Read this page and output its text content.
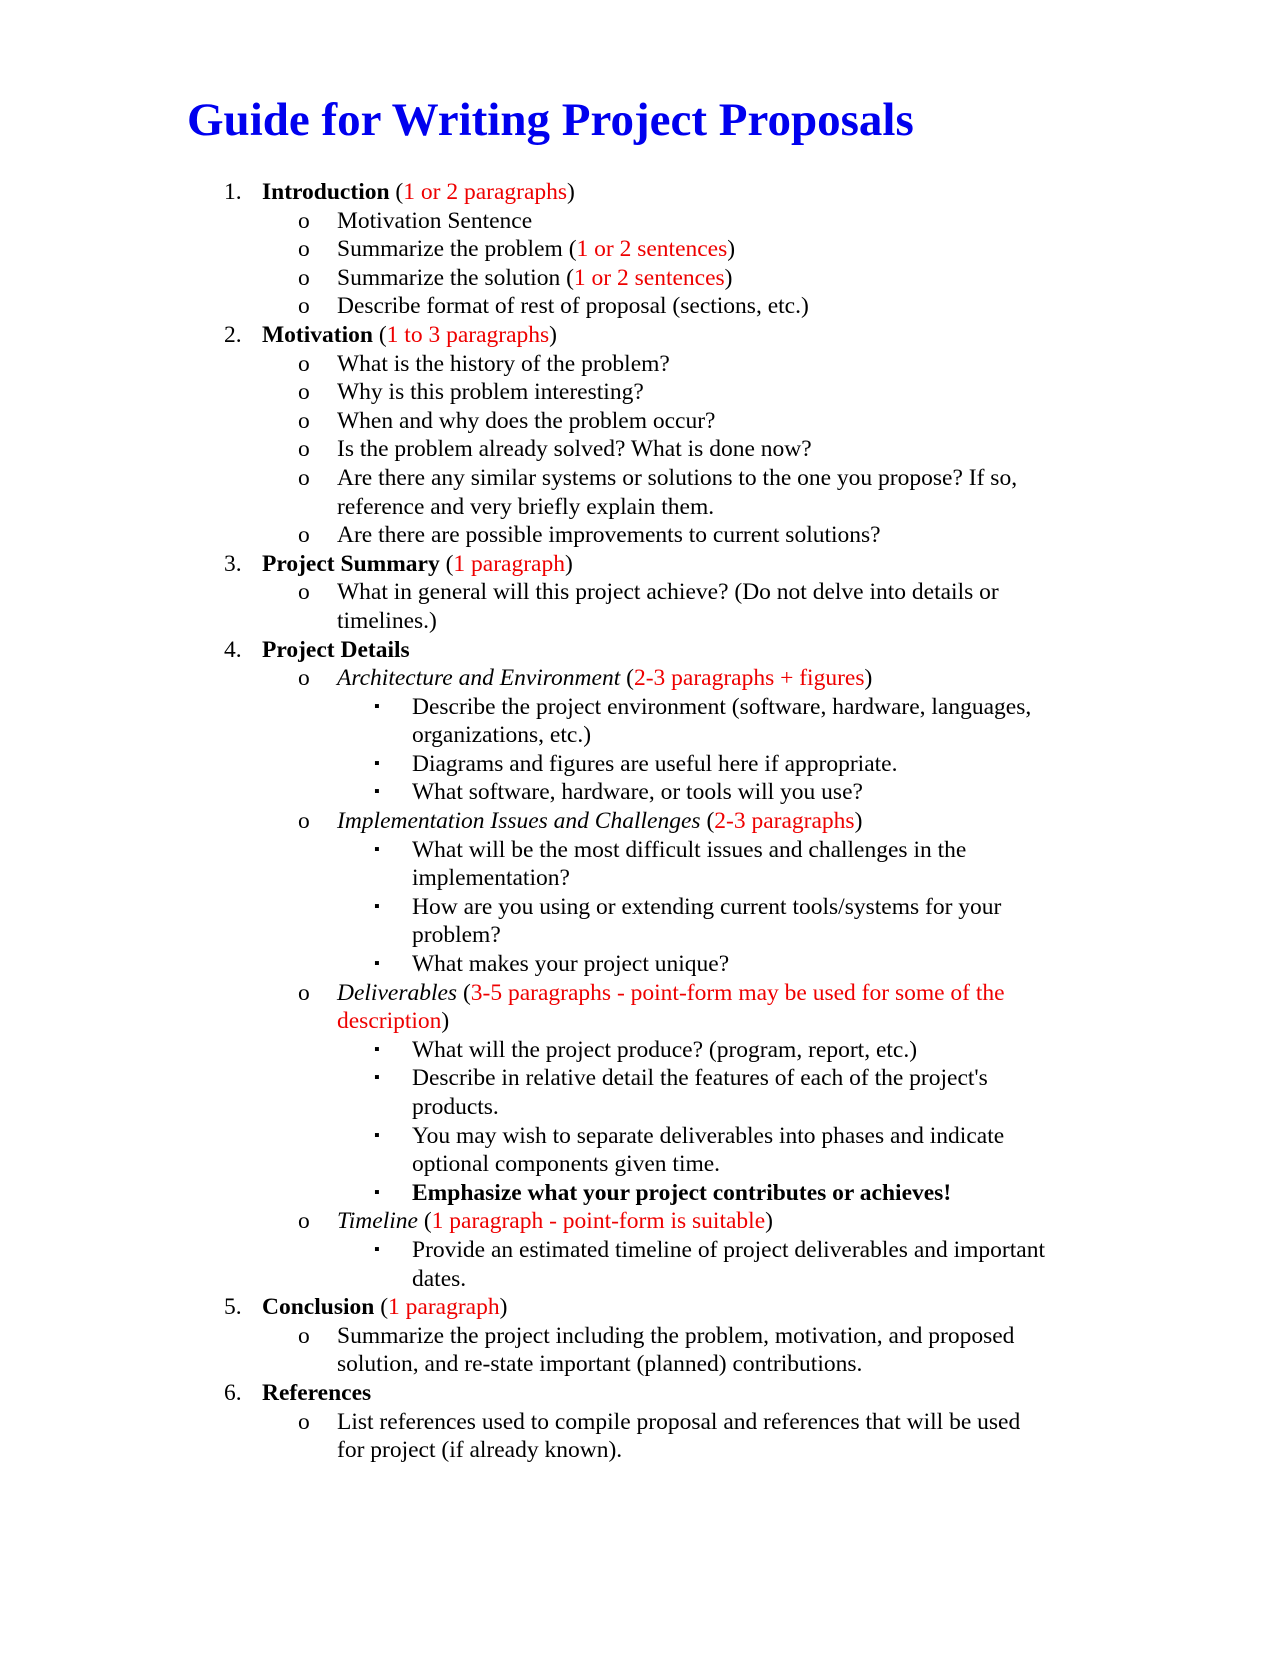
Guide for Writing Project Proposals
1. Introduction (1 or 2 paragraphs)
o Motivation Sentence
o Summarize the problem (1 or 2 sentences)
o Summarize the solution (1 or 2 sentences)
o Describe format of rest of proposal (sections, etc.)
2. Motivation (1 to 3 paragraphs)
o What is the history of the problem?
o Why is this problem interesting?
o When and why does the problem occur?
o Is the problem already solved? What is done now?
o Are there any similar systems or solutions to the one you propose? If so,
reference and very briefly explain them.
o Are there are possible improvements to current solutions?
3. Project Summary (1 paragraph)
o What in general will this project achieve? (Do not delve into details or
timelines.)
4. Project Details
o Architecture and Environment (2-3 paragraphs + figures)
▪ Describe the project environment (software, hardware, languages,
organizations, etc.)
▪ Diagrams and figures are useful here if appropriate.
▪ What software, hardware, or tools will you use?
o Implementation Issues and Challenges (2-3 paragraphs)
▪ What will be the most difficult issues and challenges in the
implementation?
▪ How are you using or extending current tools/systems for your
problem?
▪ What makes your project unique?
o Deliverables (3-5 paragraphs - point-form may be used for some of the
description)
▪ What will the project produce? (program, report, etc.)
▪ Describe in relative detail the features of each of the project's
products.
▪ You may wish to separate deliverables into phases and indicate
optional components given time.
▪ Emphasize what your project contributes or achieves!
o Timeline (1 paragraph - point-form is suitable)
▪ Provide an estimated timeline of project deliverables and important
dates.
5. Conclusion (1 paragraph)
o Summarize the project including the problem, motivation, and proposed
solution, and re-state important (planned) contributions.
6. References
o List references used to compile proposal and references that will be used
for project (if already known).
